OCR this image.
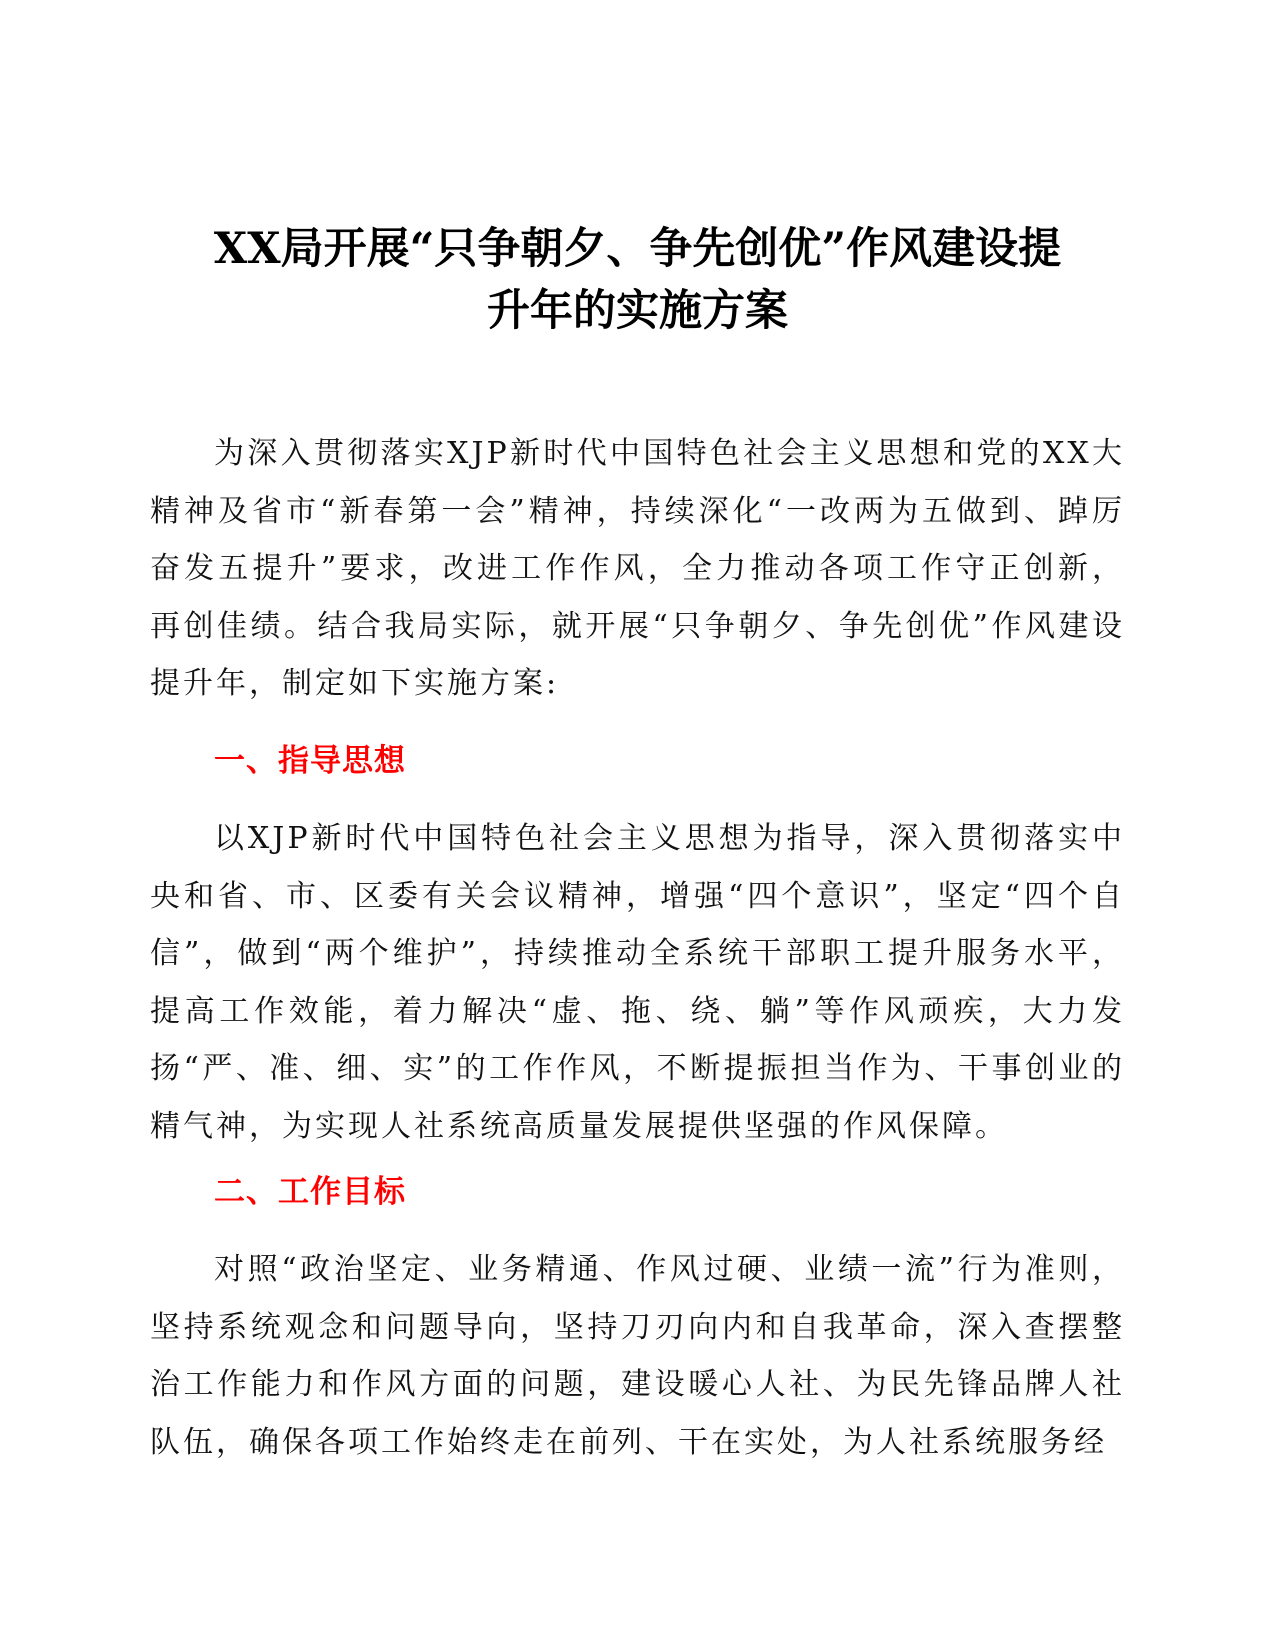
XX局开展“只争朝夕、争先创优”作风建设提
升年的实施方案

为深入贯彻落实XJP新时代中国特色社会主义思想和党的XX大精神及省市“新春第一会”精神，持续深化“一改两为五做到、踔厉奋发五提升”要求，改进工作作风，全力推动各项工作守正创新，再创佳绩。结合我局实际，就开展“只争朝夕、争先创优”作风建设提升年，制定如下实施方案:

一、指导思想

以XJP新时代中国特色社会主义思想为指导，深入贯彻落实中央和省、市、区委有关会议精神，增强“四个意识”，坚定“四个自信”，做到“两个维护”，持续推动全系统干部职工提升服务水平，提高工作效能，着力解决“虚、拖、绕、躺”等作风顽疾，大力发扬“严、准、细、实”的工作作风，不断提振担当作为、干事创业的精气神，为实现人社系统高质量发展提供坚强的作风保障。

二、工作目标

对照“政治坚定、业务精通、作风过硬、业绩一流”行为准则，坚持系统观念和问题导向，坚持刀刃向内和自我革命，深入查摆整治工作能力和作风方面的问题，建设暖心人社、为民先锋品牌人社队伍，确保各项工作始终走在前列、干在实处，为人社系统服务经
